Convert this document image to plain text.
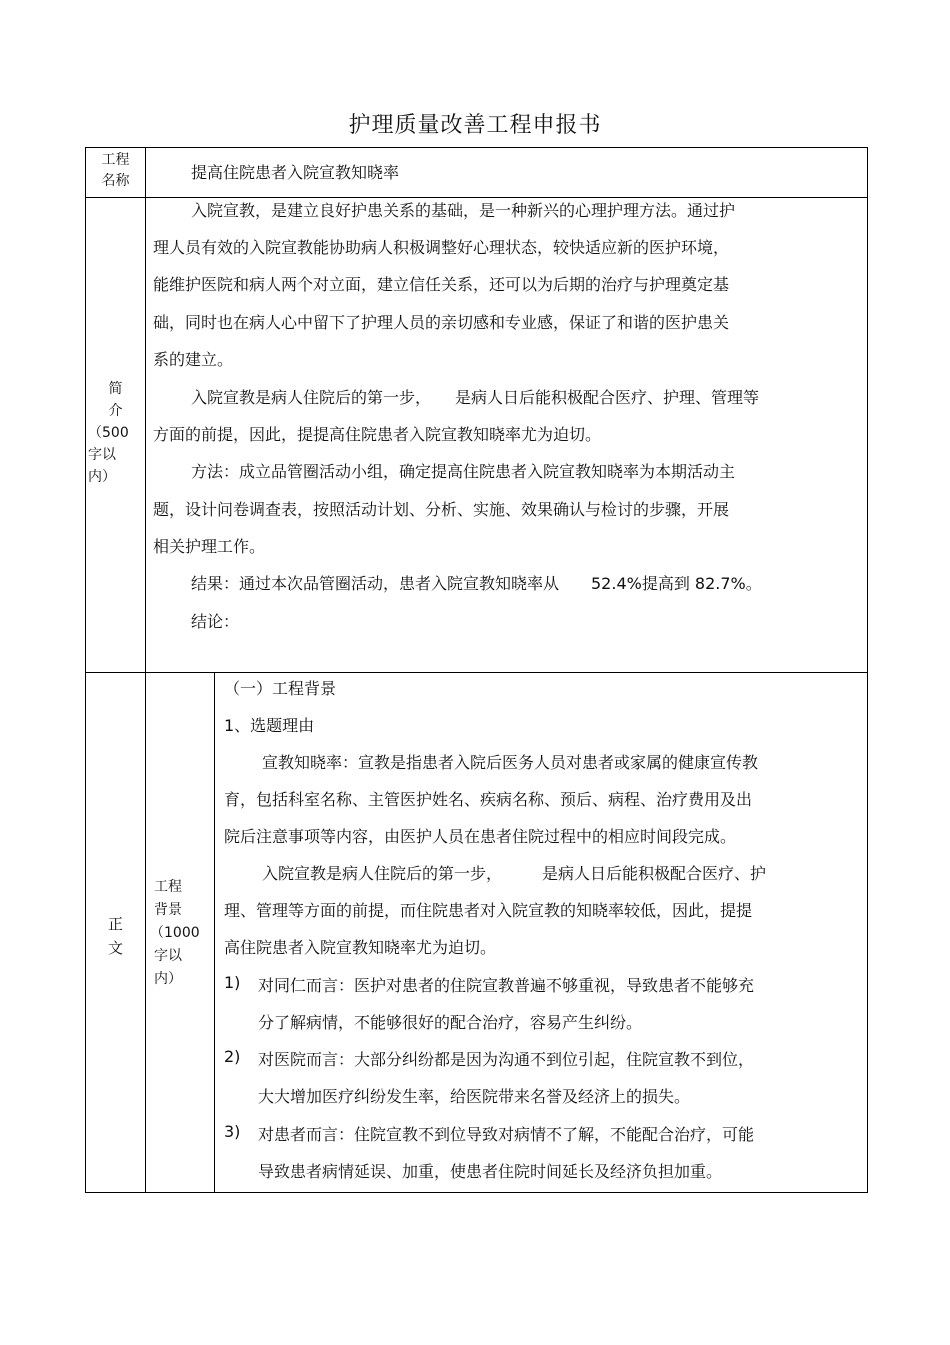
护理质量改善工程申报书
工程
名称	提高住院患者入院宣教知晓率
简
介
（500
字以
内）
入院宣教，是建立良好护患关系的基础，是一种新兴的心理护理方法。通过护
理人员有效的入院宣教能协助病人积极调整好心理状态，较快适应新的医护环境，
能维护医院和病人两个对立面，建立信任关系，还可以为后期的治疗与护理奠定基
础，同时也在病人心中留下了护理人员的亲切感和专业感，保证了和谐的医护患关
系的建立。
入院宣教是病人住院后的第一步，　　是病人日后能积极配合医疗、护理、管理等
方面的前提，因此，提提高住院患者入院宣教知晓率尤为迫切。
方法：成立品管圈活动小组，确定提高住院患者入院宣教知晓率为本期活动主
题，设计问卷调查表，按照活动计划、分析、实施、效果确认与检讨的步骤，开展
相关护理工作。
结果：通过本次品管圈活动，患者入院宣教知晓率从　　52.4%提高到 82.7%。
结论：
正
文
工程
背景
（1000
字以
内）
（一）工程背景
1、选题理由
宣教知晓率：宣教是指患者入院后医务人员对患者或家属的健康宣传教
育，包括科室名称、主管医护姓名、疾病名称、预后、病程、治疗费用及出
院后注意事项等内容，由医护人员在患者住院过程中的相应时间段完成。
入院宣教是病人住院后的第一步，　　　是病人日后能积极配合医疗、护
理、管理等方面的前提，而住院患者对入院宣教的知晓率较低，因此，提提
高住院患者入院宣教知晓率尤为迫切。
1) 对同仁而言：医护对患者的住院宣教普遍不够重视，导致患者不能够充
分了解病情，不能够很好的配合治疗，容易产生纠纷。
2) 对医院而言：大部分纠纷都是因为沟通不到位引起，住院宣教不到位，
大大增加医疗纠纷发生率，给医院带来名誉及经济上的损失。
3) 对患者而言：住院宣教不到位导致对病情不了解，不能配合治疗，可能
导致患者病情延误、加重，使患者住院时间延长及经济负担加重。
